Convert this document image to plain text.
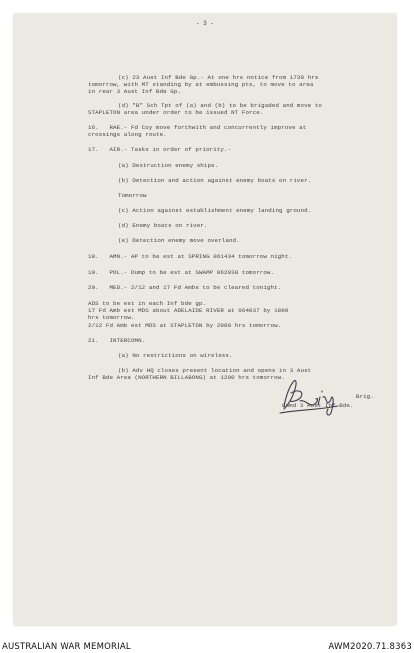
- 3 -
(c) 23 Aust Inf Bde Gp.- At one hrs notice from 1730 hrs
tomorrow, with MT standing by at embussing pts, to move to area
in rear 3 Aust Inf Bde Gp.
(d) "B" Sch Tpt of (a) and (b) to be brigaded and move to
STAPLETON area under order to be issued NT Force.
16.   RAE.- Fd Coy move forthwith and concurrently improve at
crossings along route.
17.   AIR.- Tasks in order of priority.-
(a) Destruction enemy ships.
(b) Detection and action against enemy boats on river.
Tomorrow
(c) Action against establishment enemy landing ground.
(d) Enemy boats on river.
(e) Detection enemy move overland.
18.   AMN.- AP to be est at SPRING 061434 tomorrow night.
19.   POL.- Dump to be est at SWAMP 062038 tomorrow.
20.   MED.- 2/12 and 17 Fd Ambs to be cleared tonight.
ADS to be est in each Inf bde gp.
17 Fd Amb est MDS about ADELAIDE RIVER at 064037 by 1800
hrs tomorrow.
2/12 Fd Amb est MDS at STAPLETON by 2000 hrs tomorrow.
21.   INTERCOMN.
(a) No restrictions on wireless.
(b) Adv HQ closes present location and opens in 3 Aust
Inf Bde Area (NORTHERN BILLABONG) at 1200 hrs tomorrow.
Brig.
Comd 3 Aust Inf Bde.
AUSTRALIAN WAR MEMORIAL	AWM2020.71.8363
